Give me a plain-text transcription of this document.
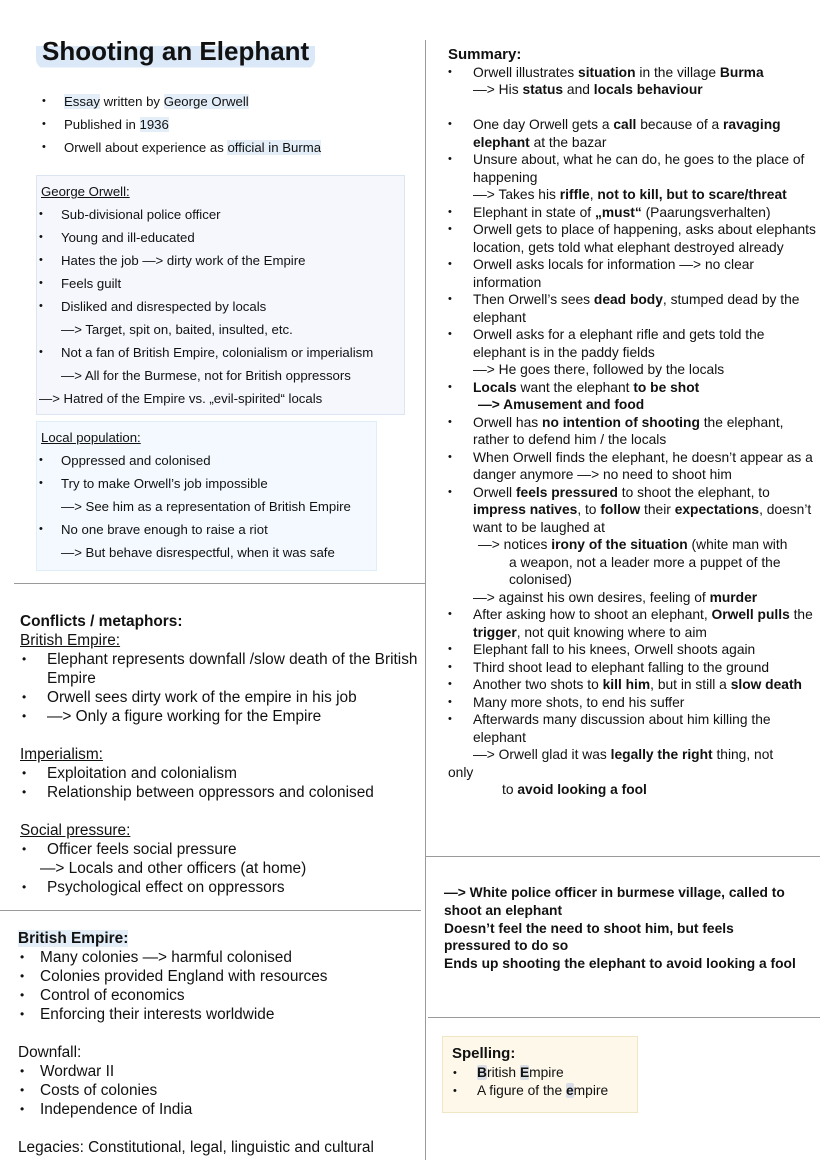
Shooting an Elephant
• Essay written by George Orwell
• Published in 1936
• Orwell about experience as official in Burma
George Orwell:
• Sub-divisional police officer
• Young and ill-educated
• Hates the job —> dirty work of the Empire
• Feels guilt
• Disliked and disrespected by locals
—> Target, spit on, baited, insulted, etc.
• Not a fan of British Empire, colonialism or imperialism
—> All for the Burmese, not for British oppressors
—> Hatred of the Empire vs. „evil-spirited“ locals
Local population:
• Oppressed and colonised
• Try to make Orwell’s job impossible
—> See him as a representation of British Empire
• No one brave enough to raise a riot
—> But behave disrespectful, when it was safe
Conflicts / metaphors:
British Empire:
• Elephant represents downfall /slow death of the British Empire
• Orwell sees dirty work of the empire in his job
• —> Only a figure working for the Empire
Imperialism:
• Exploitation and colonialism
• Relationship between oppressors and colonised
Social pressure:
• Officer feels social pressure
—> Locals and other officers (at home)
• Psychological effect on oppressors
British Empire:
• Many colonies —> harmful colonised
• Colonies provided England with resources
• Control of economics
• Enforcing their interests worldwide
Downfall:
• Wordwar II
• Costs of colonies
• Independence of India
Legacies: Constitutional, legal, linguistic and cultural
Summary:
• Orwell illustrates situation in the village Burma
—> His status and locals behaviour
• One day Orwell gets a call because of a ravaging elephant at the bazar
• Unsure about, what he can do, he goes to the place of happening
—> Takes his riffle, not to kill, but to scare/threat
• Elephant in state of „must“ (Paarungsverhalten)
• Orwell gets to place of happening, asks about elephants location, gets told what elephant destroyed already
• Orwell asks locals for information —> no clear information
• Then Orwell’s sees dead body, stumped dead by the elephant
• Orwell asks for a elephant rifle and gets told the elephant is in the paddy fields
—> He goes there, followed by the locals
• Locals want the elephant to be shot
—> Amusement and food
• Orwell has no intention of shooting the elephant, rather to defend him / the locals
• When Orwell finds the elephant, he doesn’t appear as a danger anymore —> no need to shoot him
• Orwell feels pressured to shoot the elephant, to impress natives, to follow their expectations, doesn’t want to be laughed at
—> notices irony of the situation (white man with
a weapon, not a leader more a puppet of the colonised)
—> against his own desires, feeling of murder
• After asking how to shoot an elephant, Orwell pulls the trigger, not quit knowing where to aim
• Elephant fall to his knees, Orwell shoots again
• Third shoot lead to elephant falling to the ground
• Another two shots to kill him, but in still a slow death
• Many more shots, to end his suffer
• Afterwards many discussion about him killing the elephant
—> Orwell glad it was legally the right thing, not
only
to avoid looking a fool
—> White police officer in burmese village, called to shoot an elephant
Doesn’t feel the need to shoot him, but feels pressured to do so
Ends up shooting the elephant to avoid looking a fool
Spelling:
• British Empire
• A figure of the empire
